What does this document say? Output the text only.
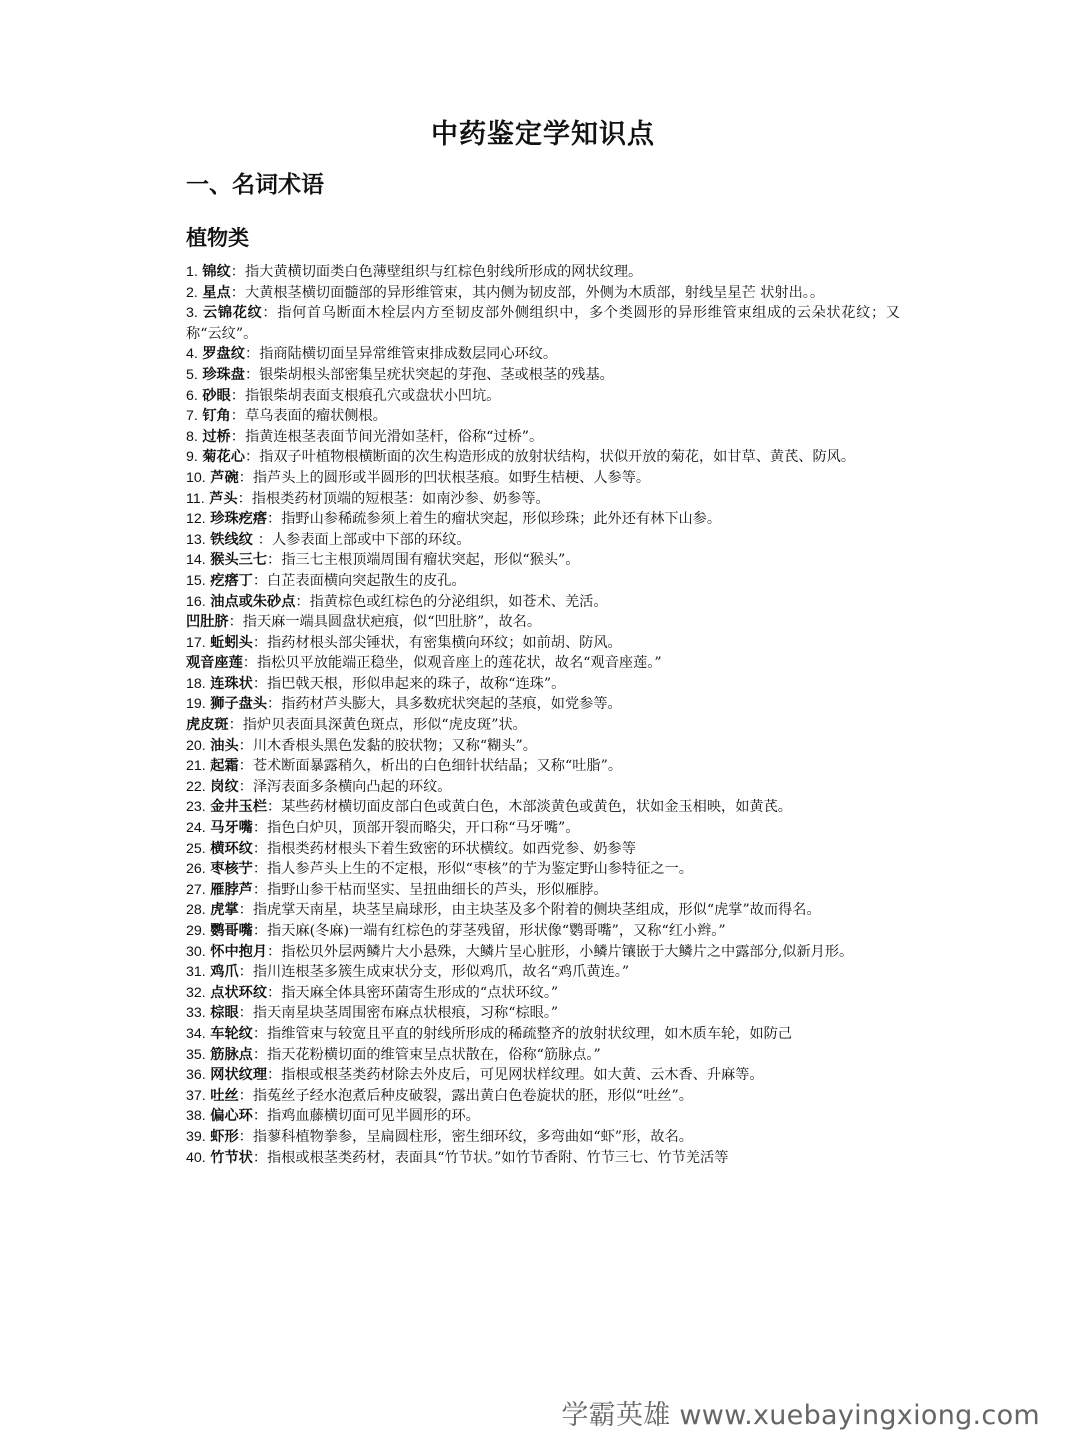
中药鉴定学知识点
一、名词术语
植物类

1. 锦纹：指大黄横切面类白色薄壁组织与红棕色射线所形成的网状纹理。

2. 星点：大黄根茎横切面髓部的异形维管束，其内侧为韧皮部，外侧为木质部，射线呈星芒 状射出。。

3. 云锦花纹：指何首乌断面木栓层内方至韧皮部外侧组织中，多个类圆形的异形维管束组成的云朵状花纹；又称“云纹”。

4. 罗盘纹：指商陆横切面呈异常维管束排成数层同心环纹。

5. 珍珠盘：银柴胡根头部密集呈疣状突起的芽孢、茎或根茎的残基。

6. 砂眼：指银柴胡表面支根痕孔穴或盘状小凹坑。

7. 钉角：草乌表面的瘤状侧根。

8. 过桥：指黄连根茎表面节间光滑如茎杆，俗称“过桥”。

9. 菊花心：指双子叶植物根横断面的次生构造形成的放射状结构，状似开放的菊花，如甘草、黄芪、防风。

10. 芦碗：指芦头上的圆形或半圆形的凹状根茎痕。如野生桔梗、人参等。

11. 芦头：指根类药材顶端的短根茎：如南沙参、奶参等。

12. 珍珠疙瘩：指野山参稀疏参须上着生的瘤状突起，形似珍珠；此外还有林下山参。

13. 铁线纹 ：人参表面上部或中下部的环纹。

14. 猴头三七：指三七主根顶端周围有瘤状突起，形似“猴头”。

15. 疙瘩丁：白芷表面横向突起散生的皮孔。

16. 油点或朱砂点：指黄棕色或红棕色的分泌组织，如苍术、羌活。

凹肚脐：指天麻一端具圆盘状疤痕，似“凹肚脐”，故名。

17. 蚯蚓头：指药材根头部尖锤状，有密集横向环纹；如前胡、防风。

观音座莲：指松贝平放能端正稳坐，似观音座上的莲花状，故名“观音座莲。”

18. 连珠状：指巴戟天根，形似串起来的珠子，故称“连珠”。

19. 狮子盘头：指药材芦头膨大，具多数疣状突起的茎痕，如党参等。

虎皮斑：指炉贝表面具深黄色斑点，形似“虎皮斑”状。

20. 油头：川木香根头黑色发黏的胶状物；又称“糊头”。

21. 起霜：苍术断面暴露稍久，析出的白色细针状结晶；又称“吐脂”。

22. 岗纹：泽泻表面多条横向凸起的环纹。

23. 金井玉栏：某些药材横切面皮部白色或黄白色，木部淡黄色或黄色，状如金玉相映，如黄芪。

24. 马牙嘴：指色白炉贝，顶部开裂而略尖，开口称“马牙嘴”。

25. 横环纹：指根类药材根头下着生致密的环状横纹。如西党参、奶参等

26. 枣核艼：指人参芦头上生的不定根，形似“枣核”的艼为鉴定野山参特征之一。

27. 雁脖芦：指野山参干枯而坚实、呈扭曲细长的芦头，形似雁脖。

28. 虎掌：指虎掌天南星，块茎呈扁球形，由主块茎及多个附着的侧块茎组成，形似“虎掌”故而得名。

29. 鹦哥嘴：指天麻(冬麻)一端有红棕色的芽茎残留，形状像“鹦哥嘴”，又称“红小辫。”

30. 怀中抱月：指松贝外层两鳞片大小悬殊，大鳞片呈心脏形，小鳞片镶嵌于大鳞片之中露部分,似新月形。

31. 鸡爪：指川连根茎多簇生成束状分支，形似鸡爪，故名“鸡爪黄连。”

32. 点状环纹：指天麻全体具密环菌寄生形成的“点状环纹。”

33. 棕眼：指天南星块茎周围密布麻点状根痕，习称“棕眼。”

34. 车轮纹：指维管束与较宽且平直的射线所形成的稀疏整齐的放射状纹理，如木质车轮，如防己

35. 筋脉点：指天花粉横切面的维管束呈点状散在，俗称“筋脉点。”

36. 网状纹理：指根或根茎类药材除去外皮后，可见网状样纹理。如大黄、云木香、升麻等。

37. 吐丝：指菟丝子经水泡煮后种皮破裂，露出黄白色卷旋状的胚，形似“吐丝”。

38. 偏心环：指鸡血藤横切面可见半圆形的环。

39. 虾形：指蓼科植物拳参，呈扁圆柱形，密生细环纹，多弯曲如“虾”形，故名。

40. 竹节状：指根或根茎类药材，表面具“竹节状。”如竹节香附、竹节三七、竹节羌活等

学霸英雄 www.xuebayingxiong.com
